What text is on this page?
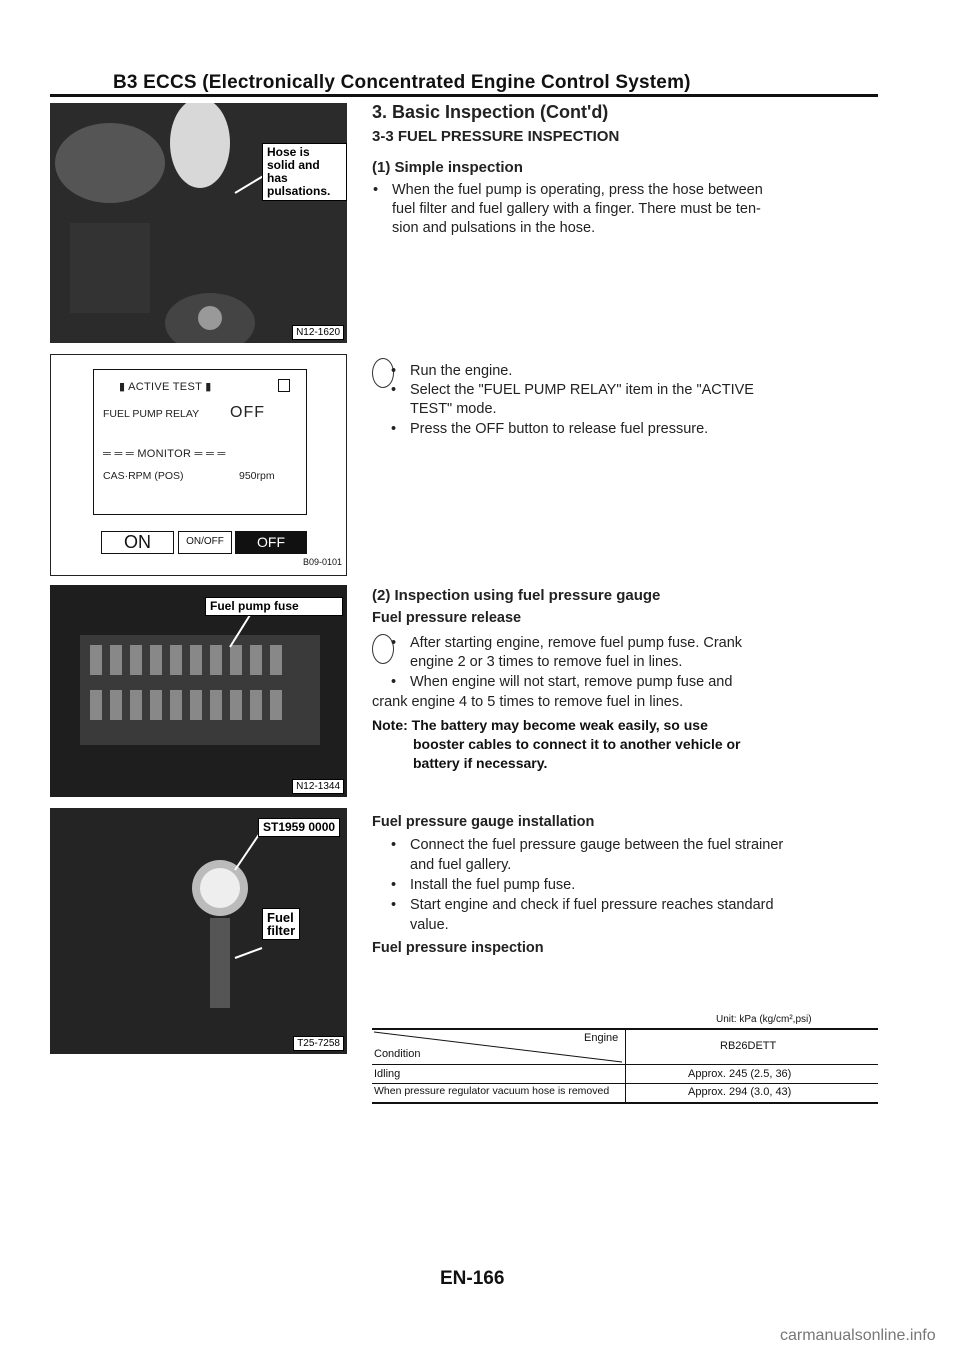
B3 ECCS (Electronically Concentrated Engine Control System)
Hose is
solid and has
pulsations.
N12-1620
▮ ACTIVE TEST ▮
FUEL PUMP RELAY OFF
═ ═ ═ MONITOR ═ ═ ═
CAS·RPM (POS)	950rpm
ON	ON/OFF	OFF
B09-0101
Fuel pump fuse
N12-1344
ST1959 0000
Fuel
filter
T25-7258
3. Basic Inspection (Cont'd)
3-3 FUEL PRESSURE INSPECTION
(1) Simple inspection
• When the fuel pump is operating, press the hose between
fuel filter and fuel gallery with a finger. There must be ten-
sion and pulsations in the hose.
• Run the engine.
• Select the "FUEL PUMP RELAY" item in the "ACTIVE
TEST" mode.
• Press the OFF button to release fuel pressure.
(2) Inspection using fuel pressure gauge
Fuel pressure release
• After starting engine, remove fuel pump fuse. Crank
engine 2 or 3 times to remove fuel in lines.
• When engine will not start, remove pump fuse and
crank engine 4 to 5 times to remove fuel in lines.
Note: The battery may become weak easily, so use
booster cables to connect it to another vehicle or
battery if necessary.
Fuel pressure gauge installation
• Connect the fuel pressure gauge between the fuel strainer
and fuel gallery.
• Install the fuel pump fuse.
• Start engine and check if fuel pressure reaches standard
value.
Fuel pressure inspection
Unit: kPa (kg/cm²,psi)
Engine
Condition
RB26DETT
Idling	Approx. 245 (2.5, 36)
When pressure regulator vacuum hose is removed	Approx. 294 (3.0, 43)
EN-166
carmanualsonline.info
